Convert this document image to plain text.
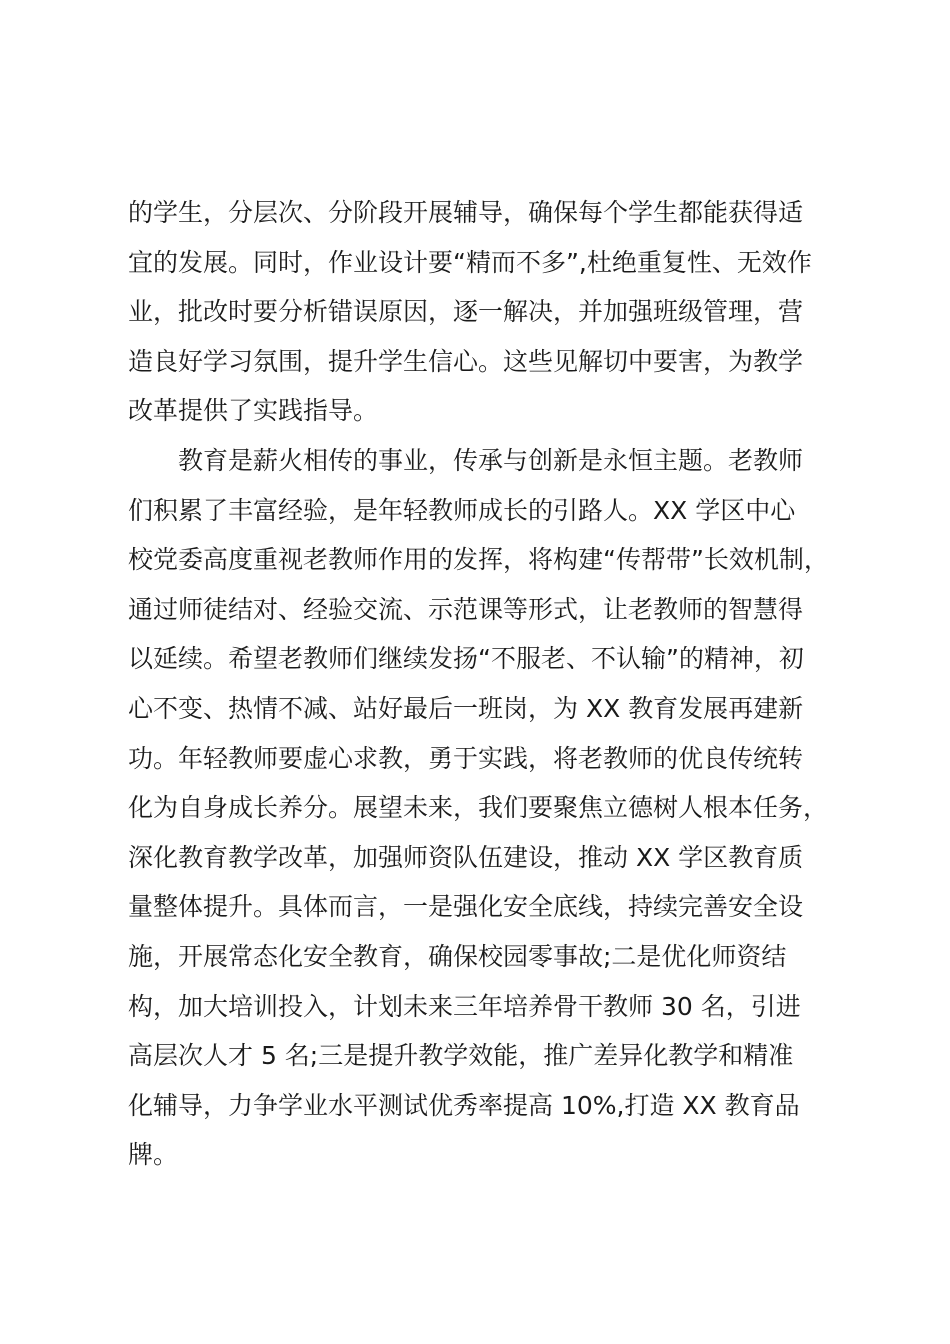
的学生，分层次、分阶段开展辅导，确保每个学生都能获得适
宜的发展。同时，作业设计要“精而不多”,杜绝重复性、无效作
业，批改时要分析错误原因，逐一解决，并加强班级管理，营
造良好学习氛围，提升学生信心。这些见解切中要害，为教学
改革提供了实践指导。
　　教育是薪火相传的事业，传承与创新是永恒主题。老教师
们积累了丰富经验，是年轻教师成长的引路人。XX 学区中心
校党委高度重视老教师作用的发挥，将构建“传帮带”长效机制，
通过师徒结对、经验交流、示范课等形式，让老教师的智慧得
以延续。希望老教师们继续发扬“不服老、不认输”的精神，初
心不变、热情不减、站好最后一班岗，为 XX 教育发展再建新
功。年轻教师要虚心求教，勇于实践，将老教师的优良传统转
化为自身成长养分。展望未来，我们要聚焦立德树人根本任务，
深化教育教学改革，加强师资队伍建设，推动 XX 学区教育质
量整体提升。具体而言，一是强化安全底线，持续完善安全设
施，开展常态化安全教育，确保校园零事故;二是优化师资结
构，加大培训投入，计划未来三年培养骨干教师 30 名，引进
高层次人才 5 名;三是提升教学效能，推广差异化教学和精准
化辅导，力争学业水平测试优秀率提高 10%,打造 XX 教育品
牌。
